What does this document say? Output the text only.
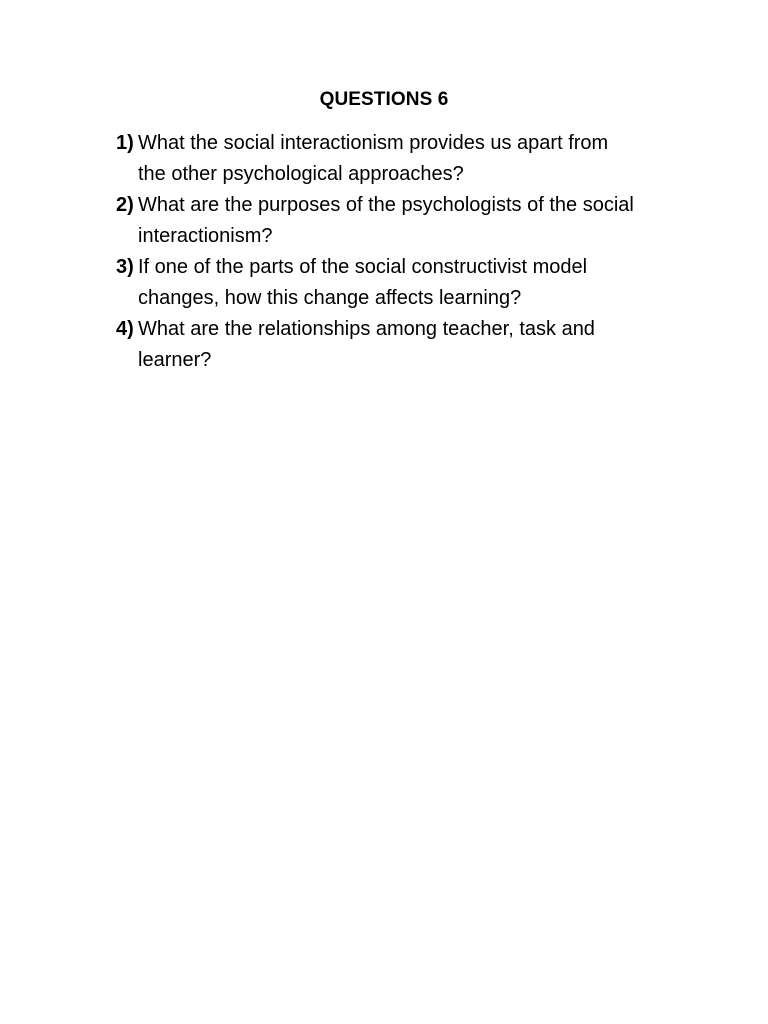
QUESTIONS 6
1) What the social interactionism provides us apart from
the other psychological approaches?
2) What are the purposes of the psychologists of the social
interactionism?
3) If one of the parts of the social constructivist model
changes, how this change affects learning?
4) What are the relationships among teacher, task and
learner?
